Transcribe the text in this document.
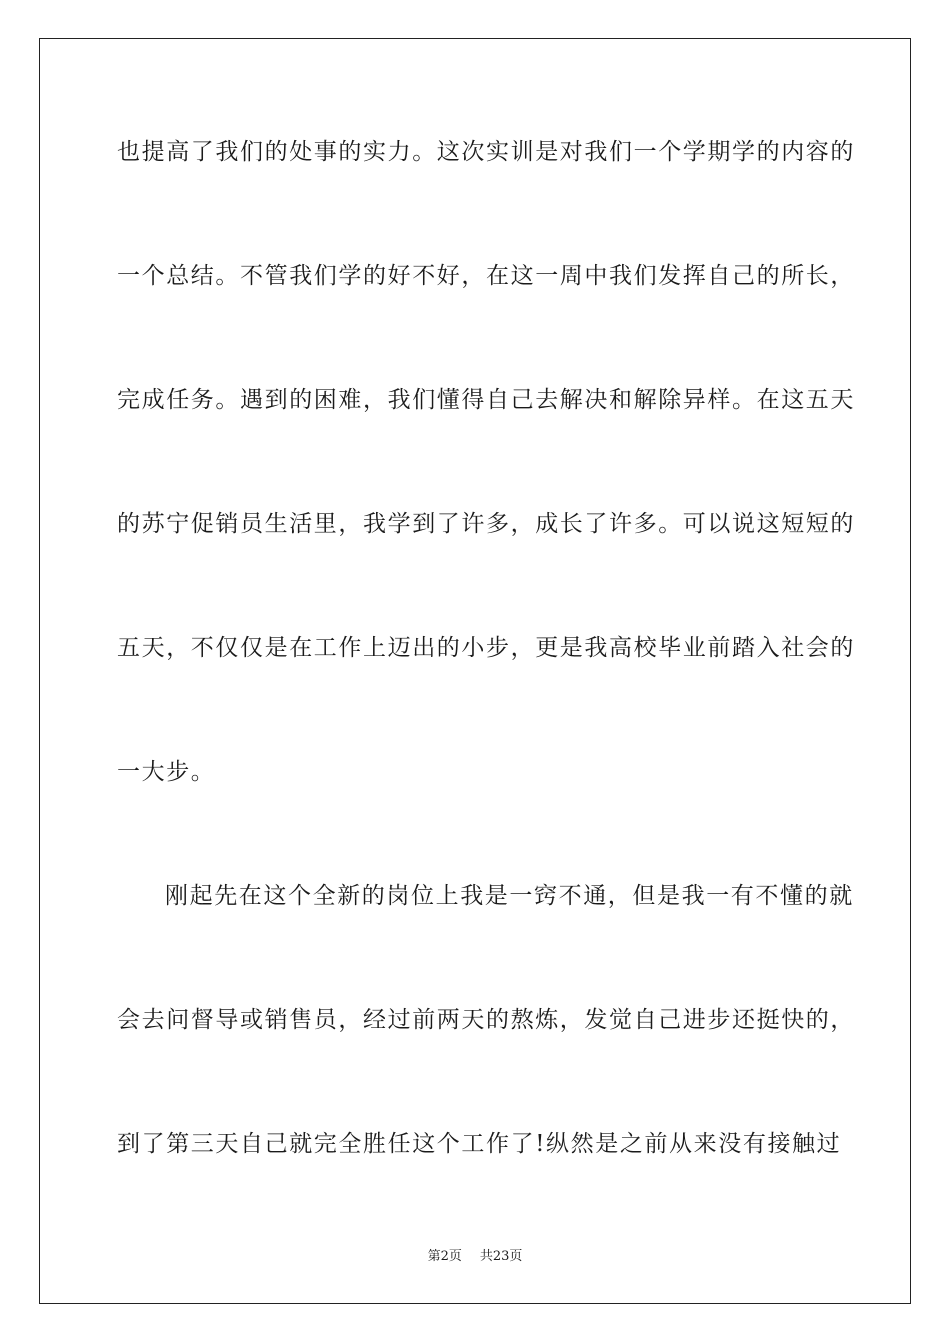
也提高了我们的处事的实力。这次实训是对我们一个学期学的内容的
一个总结。不管我们学的好不好，在这一周中我们发挥自己的所长，
完成任务。遇到的困难，我们懂得自己去解决和解除异样。在这五天
的苏宁促销员生活里，我学到了许多，成长了许多。可以说这短短的
五天，不仅仅是在工作上迈出的小步，更是我高校毕业前踏入社会的
一大步。
刚起先在这个全新的岗位上我是一窍不通，但是我一有不懂的就
会去问督导或销售员，经过前两天的熬炼，发觉自己进步还挺快的，
到了第三天自己就完全胜任这个工作了!纵然是之前从来没有接触过
第2页 共23页
